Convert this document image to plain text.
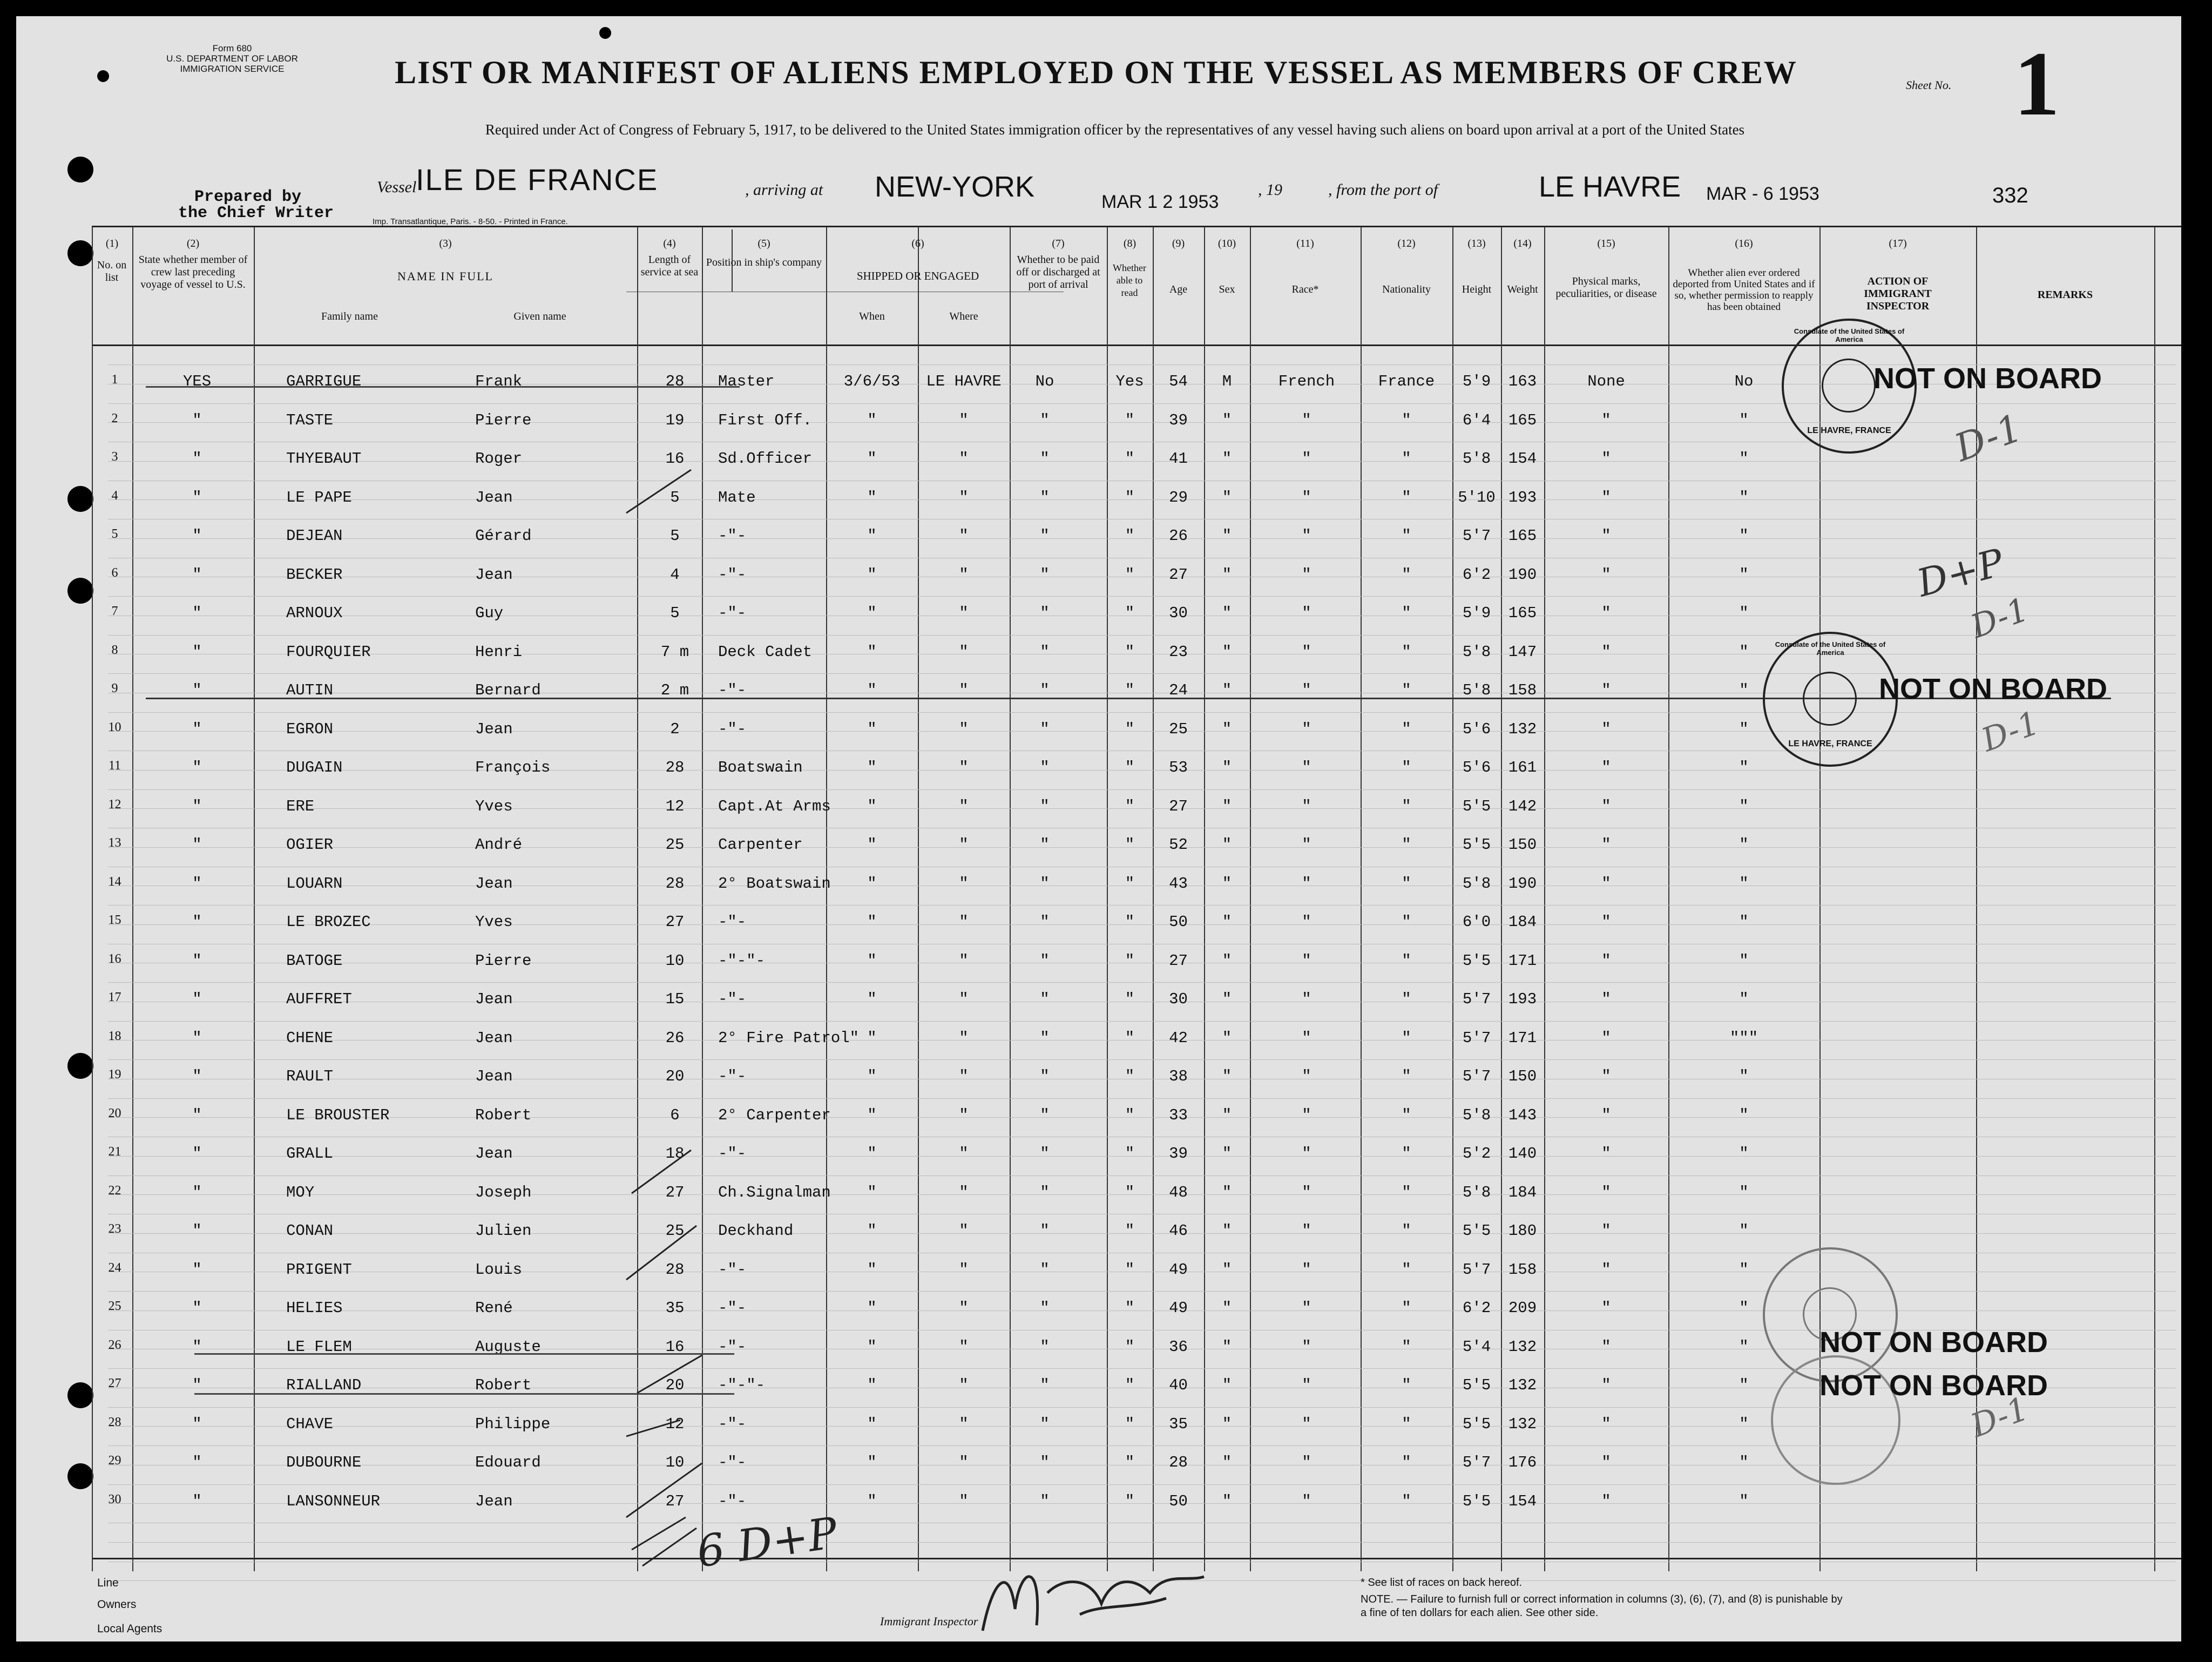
Form 680
U.S. DEPARTMENT OF LABOR
IMMIGRATION SERVICE	LIST OR MANIFEST OF ALIENS EMPLOYED ON THE VESSEL AS MEMBERS OF CREW	Sheet No. 1
Required under Act of Congress of February 5, 1917, to be delivered to the United States immigration officer by the representatives of any vessel having such aliens on board upon arrival at a port of the United States
Prepared by
the Chief Writer
Vessel
ILE DE FRANCE	, arriving at NEW-YORK	MAR 1 2 1953
, 19	, from the port of	LE HAVRE MAR - 6 1953	332
Imp. Transatlantique, Paris. - 8-50. - Printed in France.
(1)	(2)	(3)	(4)	(5)	(6)	(7)	(8)	(9)	(10)	(11)	(12)	(13)	(14)	(15)	(16)	(17)
No. on list
State whether member of crew last preceding voyage of vessel to U.S.
NAME IN FULL
Family name	Given name
Length of service at sea
Position in ship's company
SHIPPED OR ENGAGED
When	Where
Whether to be paid off or discharged at port of arrival
Whether able to read	Age	Sex	Race*	Nationality	Height	Weight
Physical marks, peculiarities, or disease
Whether alien ever ordered deported from United States and if so, whether permission to reapply has been obtained
ACTION OF IMMIGRANT INSPECTOR
REMARKS
1	YES	GARRIGUE	Frank	28	Master	3/6/53	LE HAVRE	No	Yes	54	M	French	France	5'9	163	None	No
2	"	TASTE	Pierre	19	First Off.	"	"	"	"	39	"	"	"	6'4	165	"	"
3	"	THYEBAUT	Roger	16	Sd.Officer	"	"	"	"	41	"	"	"	5'8	154	"	"
4	"	LE PAPE	Jean	5	Mate	"	"	"	"	29	"	"	"	5'10 193	"	"
5	"	DEJEAN	Gérard	5	-"-	"	"	"	"	26	"	"	"	5'7	165	"	"
6	"	BECKER	Jean	4	-"-	"	"	"	"	27	"	"	"	6'2	190	"	"
7	"	ARNOUX	Guy	5	-"-	"	"	"	"	30	"	"	"	5'9	165	"	"
8	"	FOURQUIER	Henri	7 m	Deck Cadet	"	"	"	"	23	"	"	"	5'8	147	"	"
9	"	AUTIN	Bernard	2 m	-"-	"	"	"	"	24	"	"	"	5'8	158	"	"
10	"	EGRON	Jean	2	-"-	"	"	"	"	25	"	"	"	5'6	132	"	"
11	"	DUGAIN	François	28	Boatswain	"	"	"	"	53	"	"	"	5'6	161	"	"
12	"	ERE	Yves	12	Capt.At Arms	"	"	"	"	27	"	"	"	5'5	142	"	"
13	"	OGIER	André	25	Carpenter	"	"	"	"	52	"	"	"	5'5	150	"	"
14	"	LOUARN	Jean	28	2° Boatswain	"	"	"	"	43	"	"	"	5'8	190	"	"
15	"	LE BROZEC	Yves	27	-"-	"	"	"	"	50	"	"	"	6'0	184	"	"
16	"	BATOGE	Pierre	10	-"-"-	"	"	"	"	27	"	"	"	5'5	171	"	"
17	"	AUFFRET	Jean	15	-"-	"	"	"	"	30	"	"	"	5'7	193	"	"
18	"	CHENE	Jean	26	2° Fire Patrol" "	"	"	"	42	"	"	"	5'7	171	"	"""
19	"	RAULT	Jean	20	-"-	"	"	"	"	38	"	"	"	5'7	150	"	"
20	"	LE BROUSTER	Robert	6	2° Carpenter	"	"	"	"	33	"	"	"	5'8	143	"	"
21	"	GRALL	Jean	18	-"-	"	"	"	"	39	"	"	"	5'2	140	"	"
22	"	MOY	Joseph	27	Ch.Signalman	"	"	"	"	48	"	"	"	5'8	184	"	"
23	"	CONAN	Julien	25	Deckhand	"	"	"	"	46	"	"	"	5'5	180	"	"
24	"	PRIGENT	Louis	28	-"-	"	"	"	"	49	"	"	"	5'7	158	"	"
25	"	HELIES	René	35	-"-	"	"	"	"	49	"	"	"	6'2	209	"	"
26	"	LE FLEM	Auguste	16	-"-	"	"	"	"	36	"	"	"	5'4	132	"	"
27	"	RIALLAND	Robert	20	-"-"-	"	"	"	"	40	"	"	"	5'5	132	"	"
28	"	CHAVE	Philippe	12	-"-	"	"	"	"	35	"	"	"	5'5	132	"	"
29	"	DUBOURNE	Edouard	10	-"-	"	"	"	"	28	"	"	"	5'7	176	"	"
30	"	LANSONNEUR	Jean	27	-"-	"	"	"	"	50	"	"	"	5'5	154	"	"
Consulate of the United States of America
LE HAVRE, FRANCE
NOT ON BOARD
Consulate of the United States of America
LE HAVRE, FRANCE
NOT ON BOARD
NOT ON BOARD
NOT ON BOARD
D-1
D+P
D-1
D-1
D-1
6 D+P
Line
Owners
Local Agents
Immigrant Inspector
* See list of races on back hereof.
NOTE. — Failure to furnish full or correct information in columns (3), (6), (7), and (8) is punishable by a fine of ten dollars for each alien. See other side.
